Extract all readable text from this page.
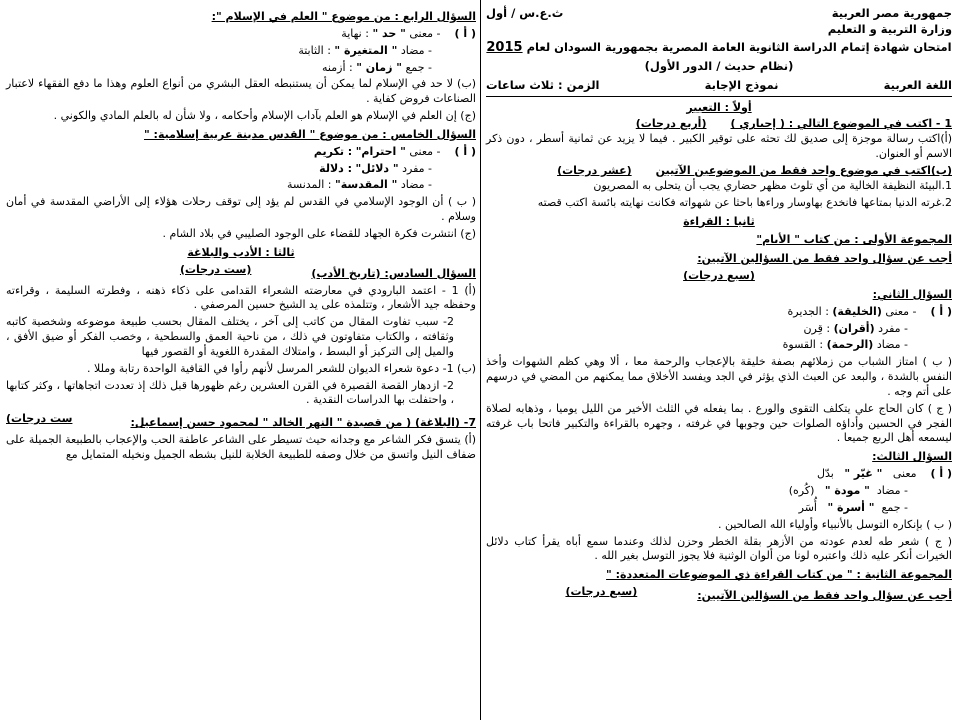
جمهورية مصر العربية
ث.ع.س / أول

وزارة التربية و التعليم

امتحان شهادة إتمام الدراسة الثانوية العامة المصرية بجمهورية السودان لعام 2015

(نظام حديث / الدور الأول)

اللغة العربية
نموذج الإجابة
الزمن : ثلاث ساعات

أولاً : التعبير

1 - اكتب في الموضوع التالي : ( إجباري )
(أربع درجات)

(أ)اكتب رسالة موجزة إلى صديق لك تحثه على توقير الكبير . فيما لا يزيد عن ثمانية أسطر ، دون ذكر الاسم أو العنوان.

(ب)اكتب في موضوع واحد فقط من الموضوعين الآتيين
(عشر درجات)

1.البيئة النظيفة الخالية من أي تلوث مظهر حضاري يجب أن يتحلى به المصريون

2.غرته الدنيا بمتاعها فانخدع بهاوسار وراءها باحثا عن شهواته فكانت نهايته بائسة اكتب قصته

ثانيا : القراءة

المجموعة الأولى : من كتاب " الأيام"

أجب عن سؤال واحد فقط من السؤالين الآتيين:

(سبع درجات)

السؤال الثاني:

( أ )    - معنى (الخليقة) : الجديرة

- مفرد (أقران) : قِرن

- مضاد (الرحمة) : القسوة

( ب ) امتاز الشباب من زملائهم بصفة خليقة بالإعجاب والرحمة معا ، ألا وهي كظم الشهوات وأخذ النفس بالشدة ، والبعد عن العبث الذي يؤثر في الجد ويفسد الأخلاق مما يمكنهم من المضي في درسهم على أتم وجه .

( ج ) كان الحاج علي يتكلف التقوى والورع . بما يفعله في الثلث الأخير من الليل يوميا ، وذهابه لصلاة الفجر في الحسين وأداؤه الصلوات حين وجوبها في غرفته ، وجهره بالقراءة والتكبير فاتحا باب غرفته ليسمعه أهل الربع جميعا .

السؤال الثالث:

( أ )    معنى   " غيّر "   بدّل

- مضاد  " مودة "   (كُره)

- جمع  " أسرة "   أُسَر

( ب ) بإنكاره التوسل بالأنبياء وأولياء الله الصالحين .

( ج ) شعر طه لعدم عودته من الأزهر بقلة الخطر وحزن لذلك وعندما سمع أباه يقرأ كتاب دلائل الخيرات أنكر عليه ذلك واعتبره لونا من ألوان الوثنية فلا يجوز التوسل بغير الله .

المجموعة الثانية : " من كتاب القراءة ذي الموضوعات المتعددة: "

أجب عن سؤال واحد فقط من السؤالين الآتيين:
(سبع درجات)

السؤال الرابع : من موضوع " العلم في الإسلام ":

( أ )    - معنى " حد " : نهاية

- مضاد " المتغيرة " : الثابتة

- جمع " زمان " : أزمنه

(ب) لا حد في الإسلام لما يمكن أن يستنبطه العقل البشري من أنواع العلوم وهذا ما دفع الفقهاء لاعتبار الصناعات فروض كفاية .

(ج) إن العلم في الإسلام هو العلم بآداب الإسلام وأحكامه ، ولا شأن له بالعلم المادي والكوني .

السؤال الخامس : من موضوع " القدس مدينة عربية إسلامية: "

( أ )    - معنى " احترام" : تكريم

- مفرد " دلائل" : دلالة

- مضاد " المقدسة" : المدنسة

( ب ) أن الوجود الإسلامي في القدس لم يؤد إلى توقف رحلات هؤلاء إلى الأراضي المقدسة في أمان وسلام .

(ج) انتشرت فكرة الجهاد للقضاء على الوجود الصليبي في بلاد الشام .

ثالثا : الأدب والبلاغة

السؤال السادس: (تاريخ الأدب)
(ست درجات)

(أ) 1 - اعتمد البارودي في معارضته الشعراء القدامى على ذكاء ذهنه ، وفطرته السليمة ، وقراءته وحفظه جيد الأشعار ، وتتلمذه على يد الشيخ حسين المرصفي .

2- سبب تفاوت المقال من كاتب إلى آخر ، يختلف المقال بحسب طبيعة موضوعه وشخصية كاتبه وثقافته ، والكتاب متفاوتون في ذلك ، من ناحية العمق والسطحية ، وخصب الفكر أو ضيق الأفق ، والميل إلى التركيز أو البسط ، وامتلاك المقدرة اللغوية أو القصور فيها

(ب) 1- دعوة شعراء الديوان للشعر المرسل لأنهم رأوا في القافية الواحدة رتابة ومللا .

2- ازدهار القصة القصيرة في القرن العشرين رغم ظهورها قبل ذلك إذ تعددت اتجاهاتها ، وكثر كتابها ، واحتفلت بها الدراسات النقدية .

7- (البلاغة) ( من قصيدة " النهر الخالد " لمحمود حسن إسماعيل:
ست درجات)

(أ) يتسق فكر الشاعر مع وجدانه حيث تسيطر على الشاعر عاطفة الحب والإعجاب بالطبيعة الجميلة على ضفاف النيل واتسق من خلال وصفه للطبيعة الخلابة للنيل بشطه الجميل ونخيله المتمايل مع
